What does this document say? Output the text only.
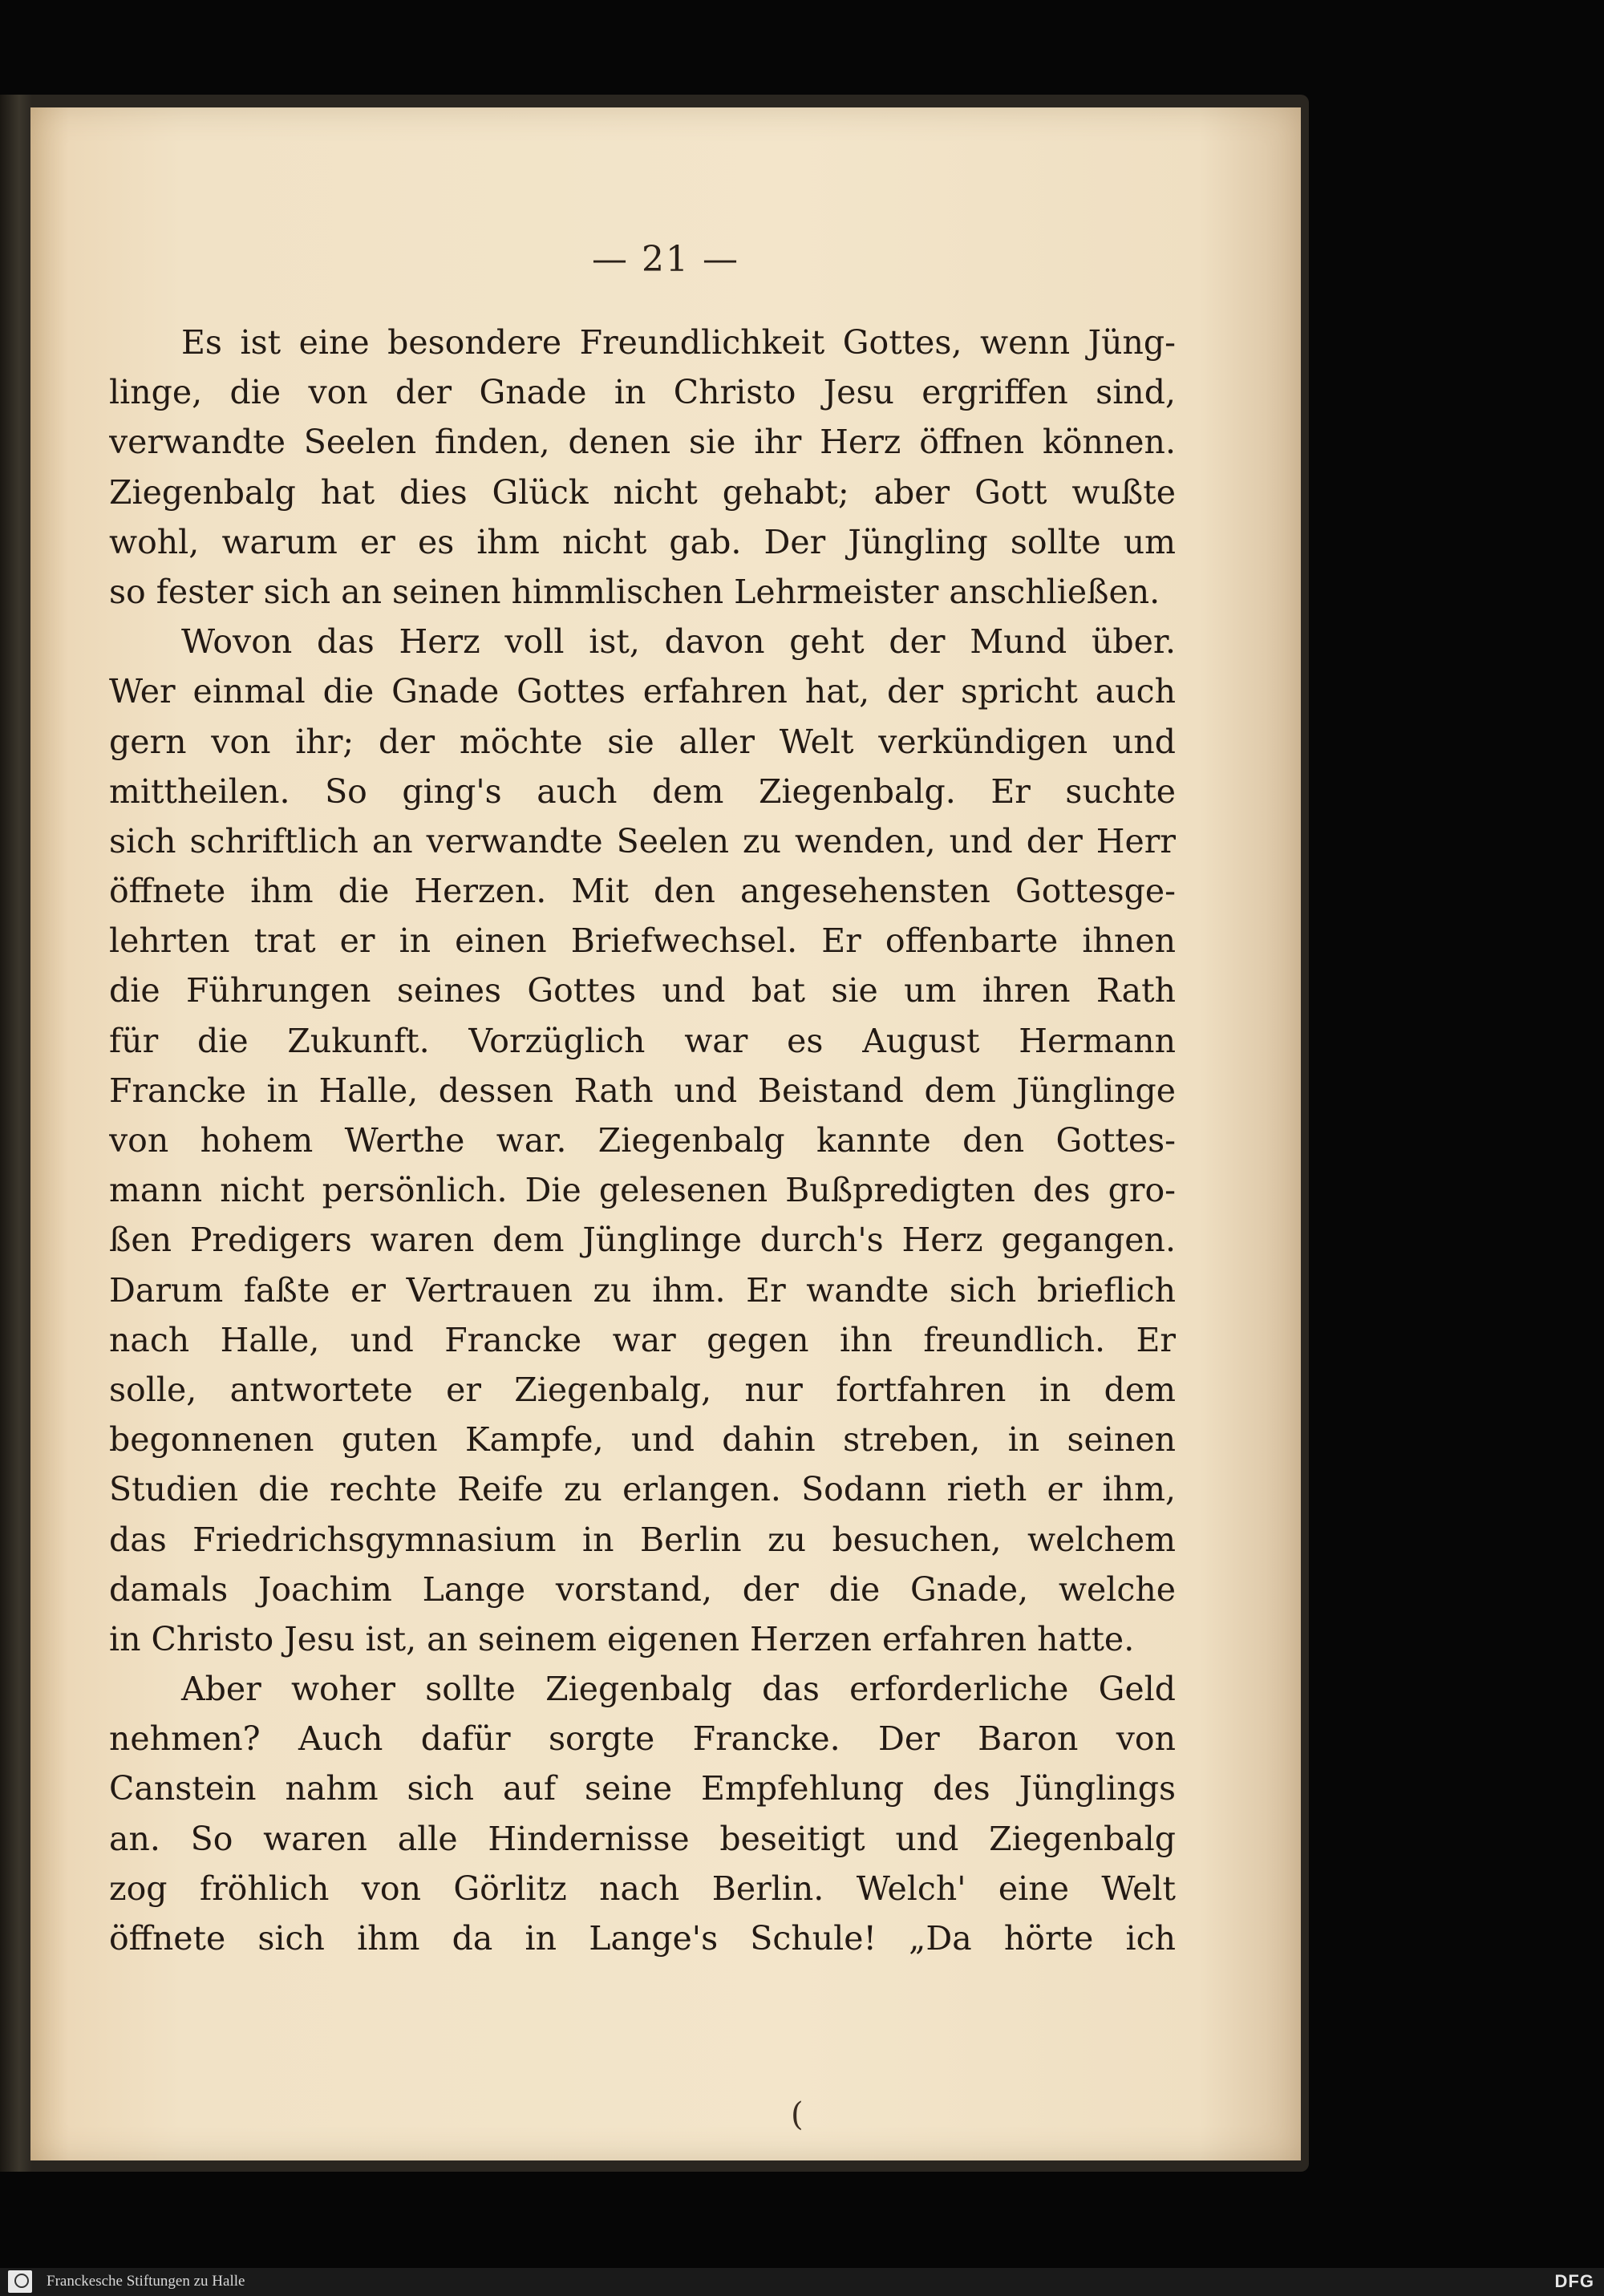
— 21 —
Es ist eine besondere Freundlichkeit Gottes, wenn Jüng-
linge, die von der Gnade in Christo Jesu ergriffen sind,
verwandte Seelen finden, denen sie ihr Herz öffnen können.
Ziegenbalg hat dies Glück nicht gehabt; aber Gott wußte
wohl, warum er es ihm nicht gab. Der Jüngling sollte um
so fester sich an seinen himmlischen Lehrmeister anschließen.
Wovon das Herz voll ist, davon geht der Mund über.
Wer einmal die Gnade Gottes erfahren hat, der spricht auch
gern von ihr; der möchte sie aller Welt verkündigen und
mittheilen. So ging's auch dem Ziegenbalg. Er suchte
sich schriftlich an verwandte Seelen zu wenden, und der Herr
öffnete ihm die Herzen. Mit den angesehensten Gottesge-
lehrten trat er in einen Briefwechsel. Er offenbarte ihnen
die Führungen seines Gottes und bat sie um ihren Rath
für die Zukunft. Vorzüglich war es August Hermann
Francke in Halle, dessen Rath und Beistand dem Jünglinge
von hohem Werthe war. Ziegenbalg kannte den Gottes-
mann nicht persönlich. Die gelesenen Bußpredigten des gro-
ßen Predigers waren dem Jünglinge durch's Herz gegangen.
Darum faßte er Vertrauen zu ihm. Er wandte sich brieflich
nach Halle, und Francke war gegen ihn freundlich. Er
solle, antwortete er Ziegenbalg, nur fortfahren in dem
begonnenen guten Kampfe, und dahin streben, in seinen
Studien die rechte Reife zu erlangen. Sodann rieth er ihm,
das Friedrichsgymnasium in Berlin zu besuchen, welchem
damals Joachim Lange vorstand, der die Gnade, welche
in Christo Jesu ist, an seinem eigenen Herzen erfahren hatte.
Aber woher sollte Ziegenbalg das erforderliche Geld
nehmen? Auch dafür sorgte Francke. Der Baron von
Canstein nahm sich auf seine Empfehlung des Jünglings
an. So waren alle Hindernisse beseitigt und Ziegenbalg
zog fröhlich von Görlitz nach Berlin. Welch' eine Welt
öffnete sich ihm da in Lange's Schule! „Da hörte ich
(
Franckesche Stiftungen zu Halle	DFG
